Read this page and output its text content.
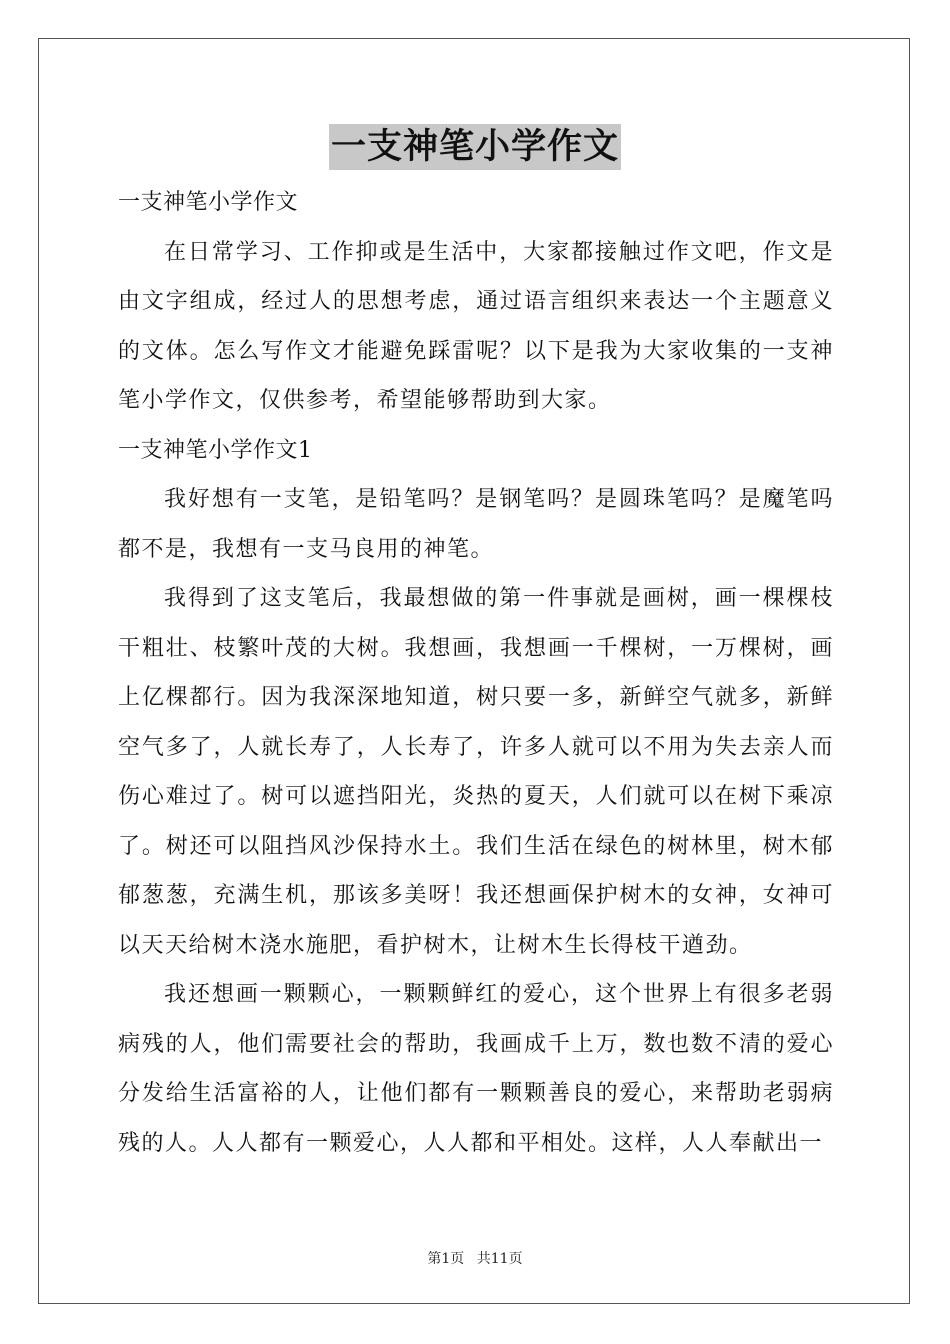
一支神笔小学作文

一支神笔小学作文

在日常学习、工作抑或是生活中，大家都接触过作文吧，作文是由文字组成，经过人的思想考虑，通过语言组织来表达一个主题意义的文体。怎么写作文才能避免踩雷呢？以下是我为大家收集的一支神笔小学作文，仅供参考，希望能够帮助到大家。

一支神笔小学作文1

我好想有一支笔，是铅笔吗？是钢笔吗？是圆珠笔吗？是魔笔吗都不是，我想有一支马良用的神笔。

我得到了这支笔后，我最想做的第一件事就是画树，画一棵棵枝干粗壮、枝繁叶茂的大树。我想画，我想画一千棵树，一万棵树，画上亿棵都行。因为我深深地知道，树只要一多，新鲜空气就多，新鲜空气多了，人就长寿了，人长寿了，许多人就可以不用为失去亲人而伤心难过了。树可以遮挡阳光，炎热的夏天，人们就可以在树下乘凉了。树还可以阻挡风沙保持水土。我们生活在绿色的树林里，树木郁郁葱葱，充满生机，那该多美呀！我还想画保护树木的女神，女神可以天天给树木浇水施肥，看护树木，让树木生长得枝干遒劲。

我还想画一颗颗心，一颗颗鲜红的爱心，这个世界上有很多老弱病残的人，他们需要社会的帮助，我画成千上万，数也数不清的爱心分发给生活富裕的人，让他们都有一颗颗善良的爱心，来帮助老弱病残的人。人人都有一颗爱心，人人都和平相处。这样，人人奉献出一

第1页 共11页
